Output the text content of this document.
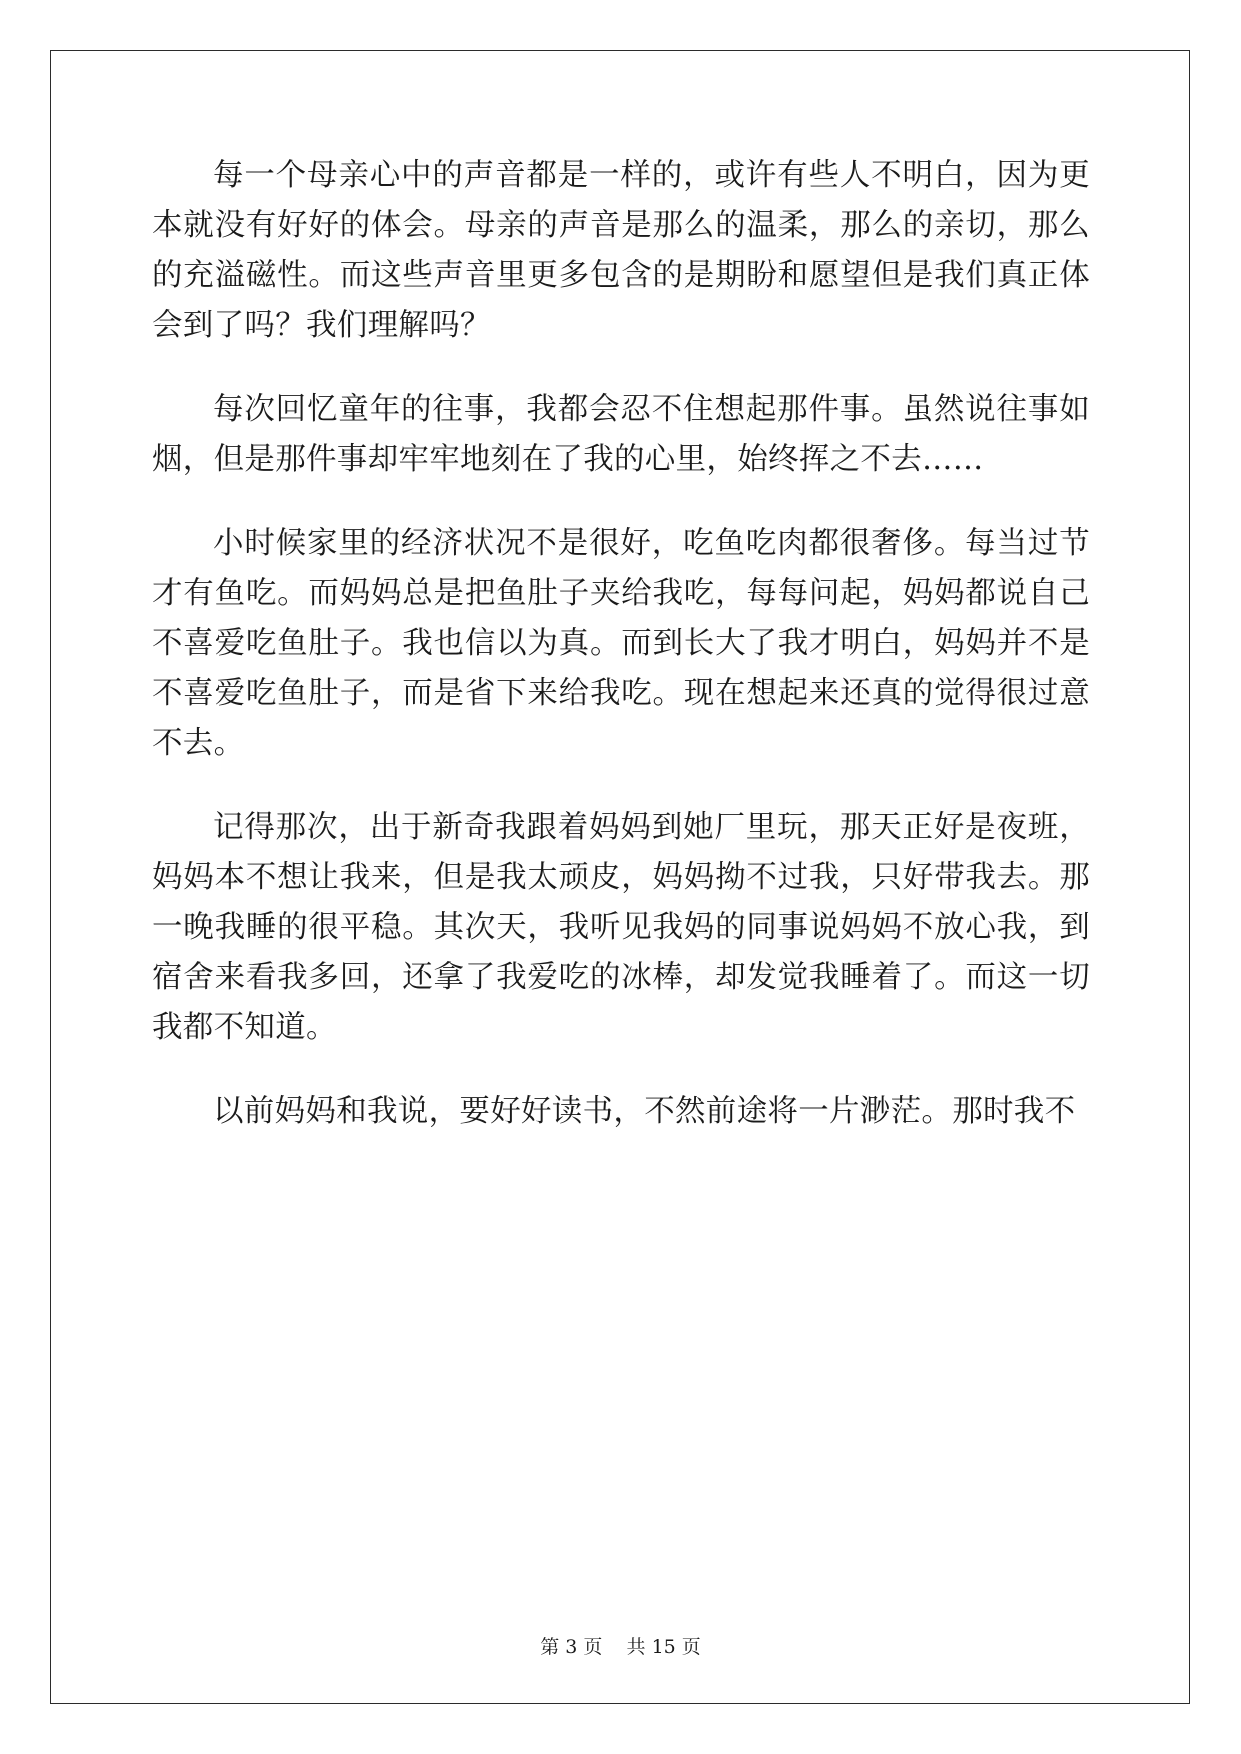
每一个母亲心中的声音都是一样的，或许有些人不明白，因为更本就没有好好的体会。母亲的声音是那么的温柔，那么的亲切，那么的充溢磁性。而这些声音里更多包含的是期盼和愿望但是我们真正体会到了吗？我们理解吗？

每次回忆童年的往事，我都会忍不住想起那件事。虽然说往事如烟，但是那件事却牢牢地刻在了我的心里，始终挥之不去……

小时候家里的经济状况不是很好，吃鱼吃肉都很奢侈。每当过节才有鱼吃。而妈妈总是把鱼肚子夹给我吃，每每问起，妈妈都说自己不喜爱吃鱼肚子。我也信以为真。而到长大了我才明白，妈妈并不是不喜爱吃鱼肚子，而是省下来给我吃。现在想起来还真的觉得很过意不去。

记得那次，出于新奇我跟着妈妈到她厂里玩，那天正好是夜班，妈妈本不想让我来，但是我太顽皮，妈妈拗不过我，只好带我去。那一晚我睡的很平稳。其次天，我听见我妈的同事说妈妈不放心我，到宿舍来看我多回，还拿了我爱吃的冰棒，却发觉我睡着了。而这一切我都不知道。

以前妈妈和我说，要好好读书，不然前途将一片渺茫。那时我不

第 3 页    共 15 页
